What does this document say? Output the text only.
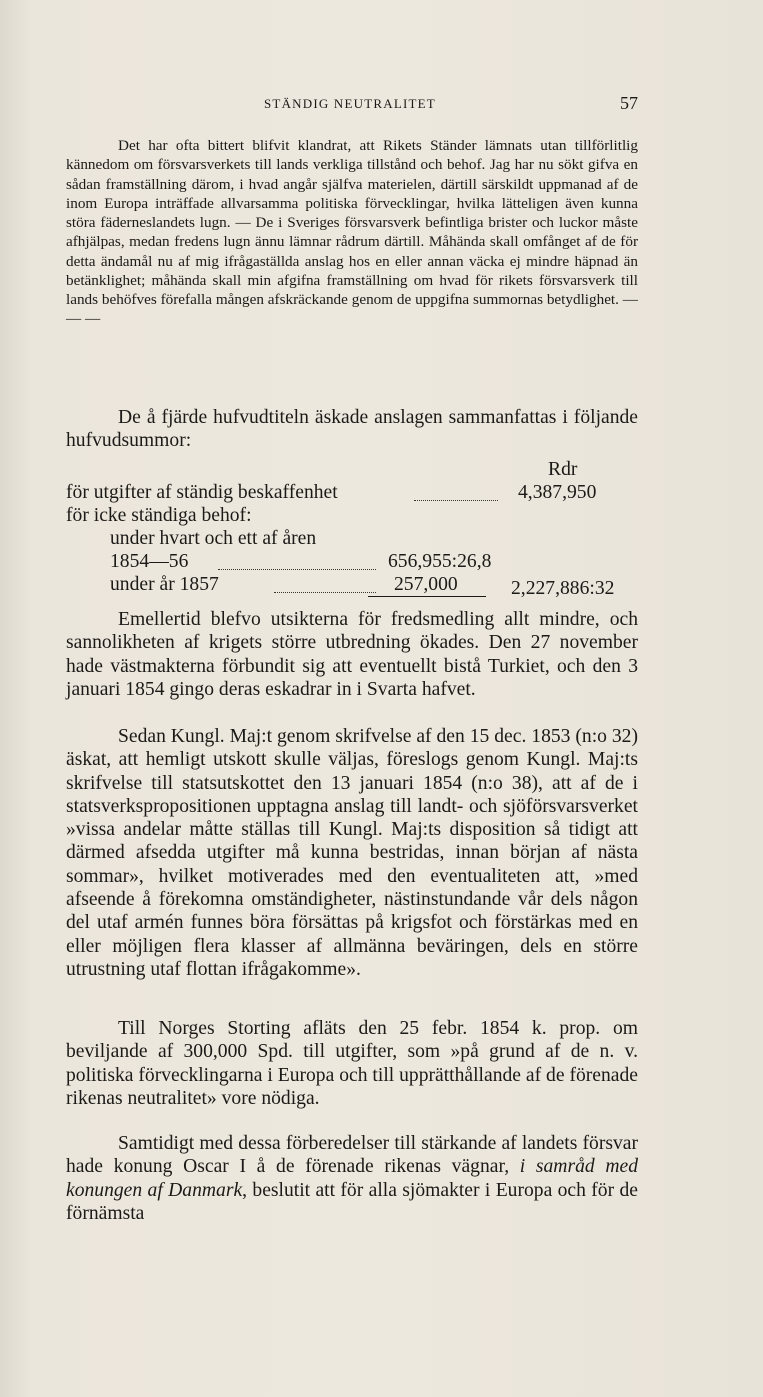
STÄNDIG NEUTRALITET	57

Det har ofta bittert blifvit klandrat, att Rikets Ständer lämnats utan tillförlitlig kännedom om försvarsverkets till lands verkliga tillstånd och behof. Jag har nu sökt gifva en sådan framställning därom, i hvad angår själfva materielen, därtill särskildt uppmanad af de inom Europa inträffade allvarsamma politiska förvecklingar, hvilka lätteligen även kunna störa fäderneslandets lugn. — De i Sveriges försvarsverk befintliga brister och luckor måste afhjälpas, medan fredens lugn ännu lämnar rådrum därtill. Måhända skall omfånget af de för detta ändamål nu af mig ifrågaställda anslag hos en eller annan väcka ej mindre häpnad än betänklighet; måhända skall min afgifna framställning om hvad för rikets försvarsverk till lands behöfves förefalla mången afskräckande genom de uppgifna summornas betydlighet. — — —

De å fjärde hufvudtiteln äskade anslagen sammanfattas i följande hufvudsummor:

Rdr
för utgifter af ständig beskaffenhet	4,387,950
för icke ständiga behof:
under hvart och ett af åren
1854—56	656,955:26,8
under år 1857	257,000	2,227,886:32

Emellertid blefvo utsikterna för fredsmedling allt mindre, och sannolikheten af krigets större utbredning ökades. Den 27 november hade västmakterna förbundit sig att eventuellt bistå Turkiet, och den 3 januari 1854 gingo deras eskadrar in i Svarta hafvet.

Sedan Kungl. Maj:t genom skrifvelse af den 15 dec. 1853 (n:o 32) äskat, att hemligt utskott skulle väljas, föreslogs genom Kungl. Maj:ts skrifvelse till statsutskottet den 13 januari 1854 (n:o 38), att af de i statsverkspropositionen upptagna anslag till landt- och sjöförsvarsverket »vissa andelar måtte ställas till Kungl. Maj:ts disposition så tidigt att därmed afsedda utgifter må kunna bestridas, innan början af nästa sommar», hvilket motiverades med den eventualiteten att, »med afseende å förekomna omständigheter, nästinstundande vår dels någon del utaf armén funnes böra försättas på krigsfot och förstärkas med en eller möjligen flera klasser af allmänna beväringen, dels en större utrustning utaf flottan ifrågakomme».

Till Norges Storting afläts den 25 febr. 1854 k. prop. om beviljande af 300,000 Spd. till utgifter, som »på grund af de n. v. politiska förvecklingarna i Europa och till upprätthållande af de förenade rikenas neutralitet» vore nödiga.

Samtidigt med dessa förberedelser till stärkande af landets försvar hade konung Oscar I å de förenade rikenas vägnar, i samråd med konungen af Danmark, beslutit att för alla sjömakter i Europa och för de förnämsta
